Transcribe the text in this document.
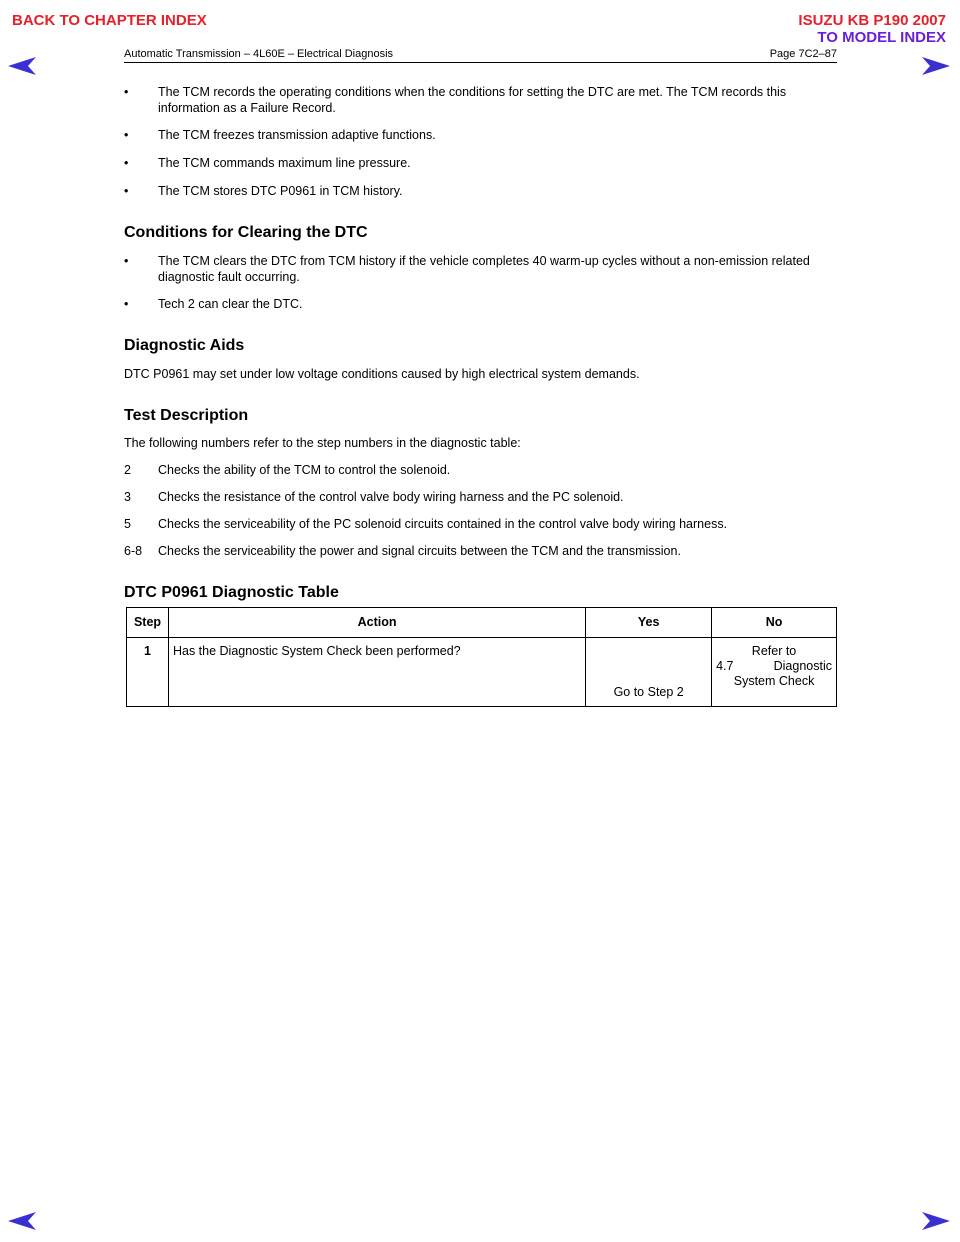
BACK TO CHAPTER INDEX	ISUZU KB P190 2007
TO MODEL INDEX
Automatic Transmission – 4L60E – Electrical Diagnosis	Page 7C2–87
• The TCM records the operating conditions when the conditions for setting the DTC are met. The TCM records this information as a Failure Record.
• The TCM freezes transmission adaptive functions.
• The TCM commands maximum line pressure.
• The TCM stores DTC P0961 in TCM history.
Conditions for Clearing the DTC
• The TCM clears the DTC from TCM history if the vehicle completes 40 warm-up cycles without a non-emission related diagnostic fault occurring.
• Tech 2 can clear the DTC.
Diagnostic Aids
DTC P0961 may set under low voltage conditions caused by high electrical system demands.
Test Description
The following numbers refer to the step numbers in the diagnostic table:
2 Checks the ability of the TCM to control the solenoid.
3 Checks the resistance of the control valve body wiring harness and the PC solenoid.
5 Checks the serviceability of the PC solenoid circuits contained in the control valve body wiring harness.
6-8 Checks the serviceability the power and signal circuits between the TCM and the transmission.
DTC P0961 Diagnostic Table
Step	Action	Yes	No
1	Has the Diagnostic System Check been performed?	Go to Step 2	Refer to
4.7 Diagnostic
System Check
